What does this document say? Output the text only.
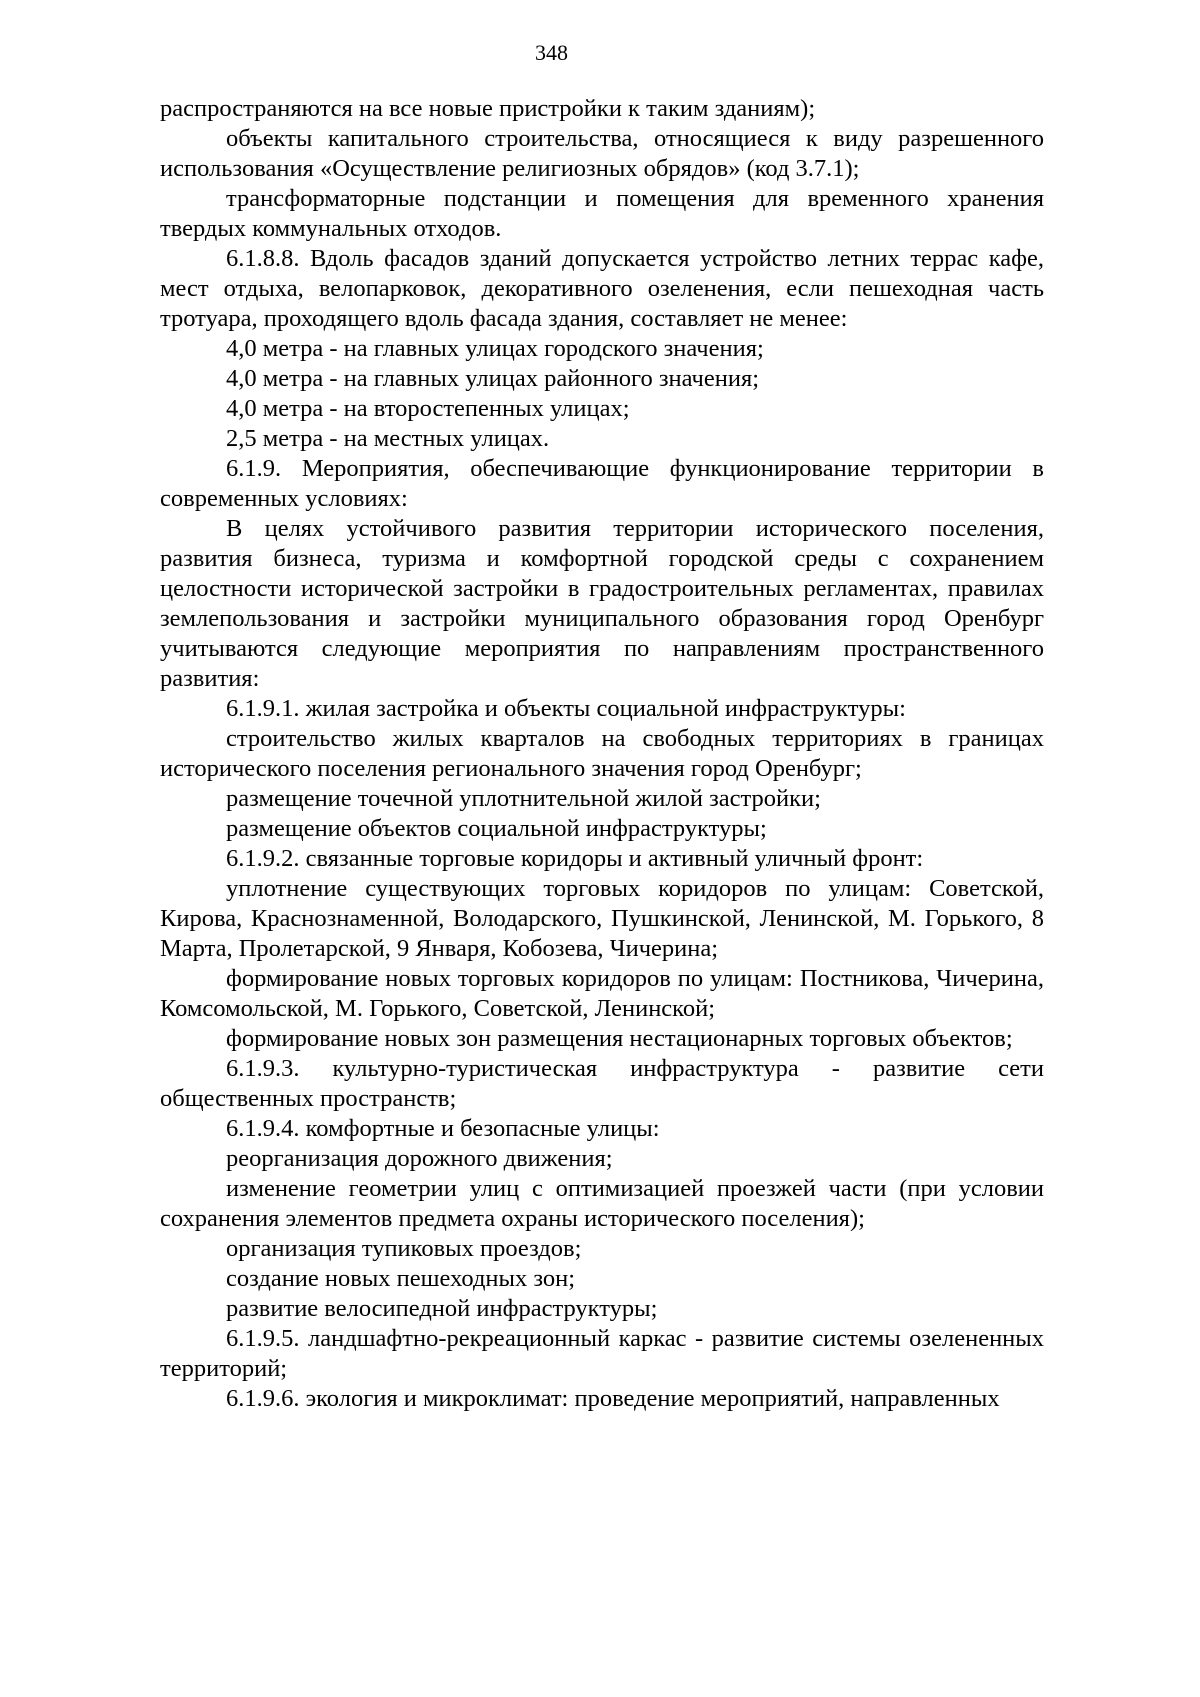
348

распространяются на все новые пристройки к таким зданиям);

объекты капитального строительства, относящиеся к виду разрешенного использования «Осуществление религиозных обрядов» (код 3.7.1);

трансформаторные подстанции и помещения для временного хранения твердых коммунальных отходов.

6.1.8.8. Вдоль фасадов зданий допускается устройство летних террас кафе, мест отдыха, велопарковок, декоративного озеленения, если пешеходная часть тротуара, проходящего вдоль фасада здания, составляет не менее:

4,0 метра - на главных улицах городского значения;

4,0 метра - на главных улицах районного значения;

4,0 метра - на второстепенных улицах;

2,5 метра - на местных улицах.

6.1.9. Мероприятия, обеспечивающие функционирование территории в современных условиях:

В целях устойчивого развития территории исторического поселения, развития бизнеса, туризма и комфортной городской среды с сохранением целостности исторической застройки в градостроительных регламентах, правилах землепользования и застройки муниципального образования город Оренбург учитываются следующие мероприятия по направлениям пространственного развития:

6.1.9.1. жилая застройка и объекты социальной инфраструктуры:

строительство жилых кварталов на свободных территориях в границах исторического поселения регионального значения город Оренбург;

размещение точечной уплотнительной жилой застройки;

размещение объектов социальной инфраструктуры;

6.1.9.2. связанные торговые коридоры и активный уличный фронт:

уплотнение существующих торговых коридоров по улицам: Советской, Кирова, Краснознаменной, Володарского, Пушкинской, Ленинской, М. Горького, 8 Марта, Пролетарской, 9 Января, Кобозева, Чичерина;

формирование новых торговых коридоров по улицам: Постникова, Чичерина, Комсомольской, М. Горького, Советской, Ленинской;

формирование новых зон размещения нестационарных торговых объектов;

6.1.9.3. культурно-туристическая инфраструктура - развитие сети общественных пространств;

6.1.9.4. комфортные и безопасные улицы:

реорганизация дорожного движения;

изменение геометрии улиц с оптимизацией проезжей части (при условии сохранения элементов предмета охраны исторического поселения);

организация тупиковых проездов;

создание новых пешеходных зон;

развитие велосипедной инфраструктуры;

6.1.9.5. ландшафтно-рекреационный каркас - развитие системы озелененных территорий;

6.1.9.6. экология и микроклимат: проведение мероприятий, направленных
